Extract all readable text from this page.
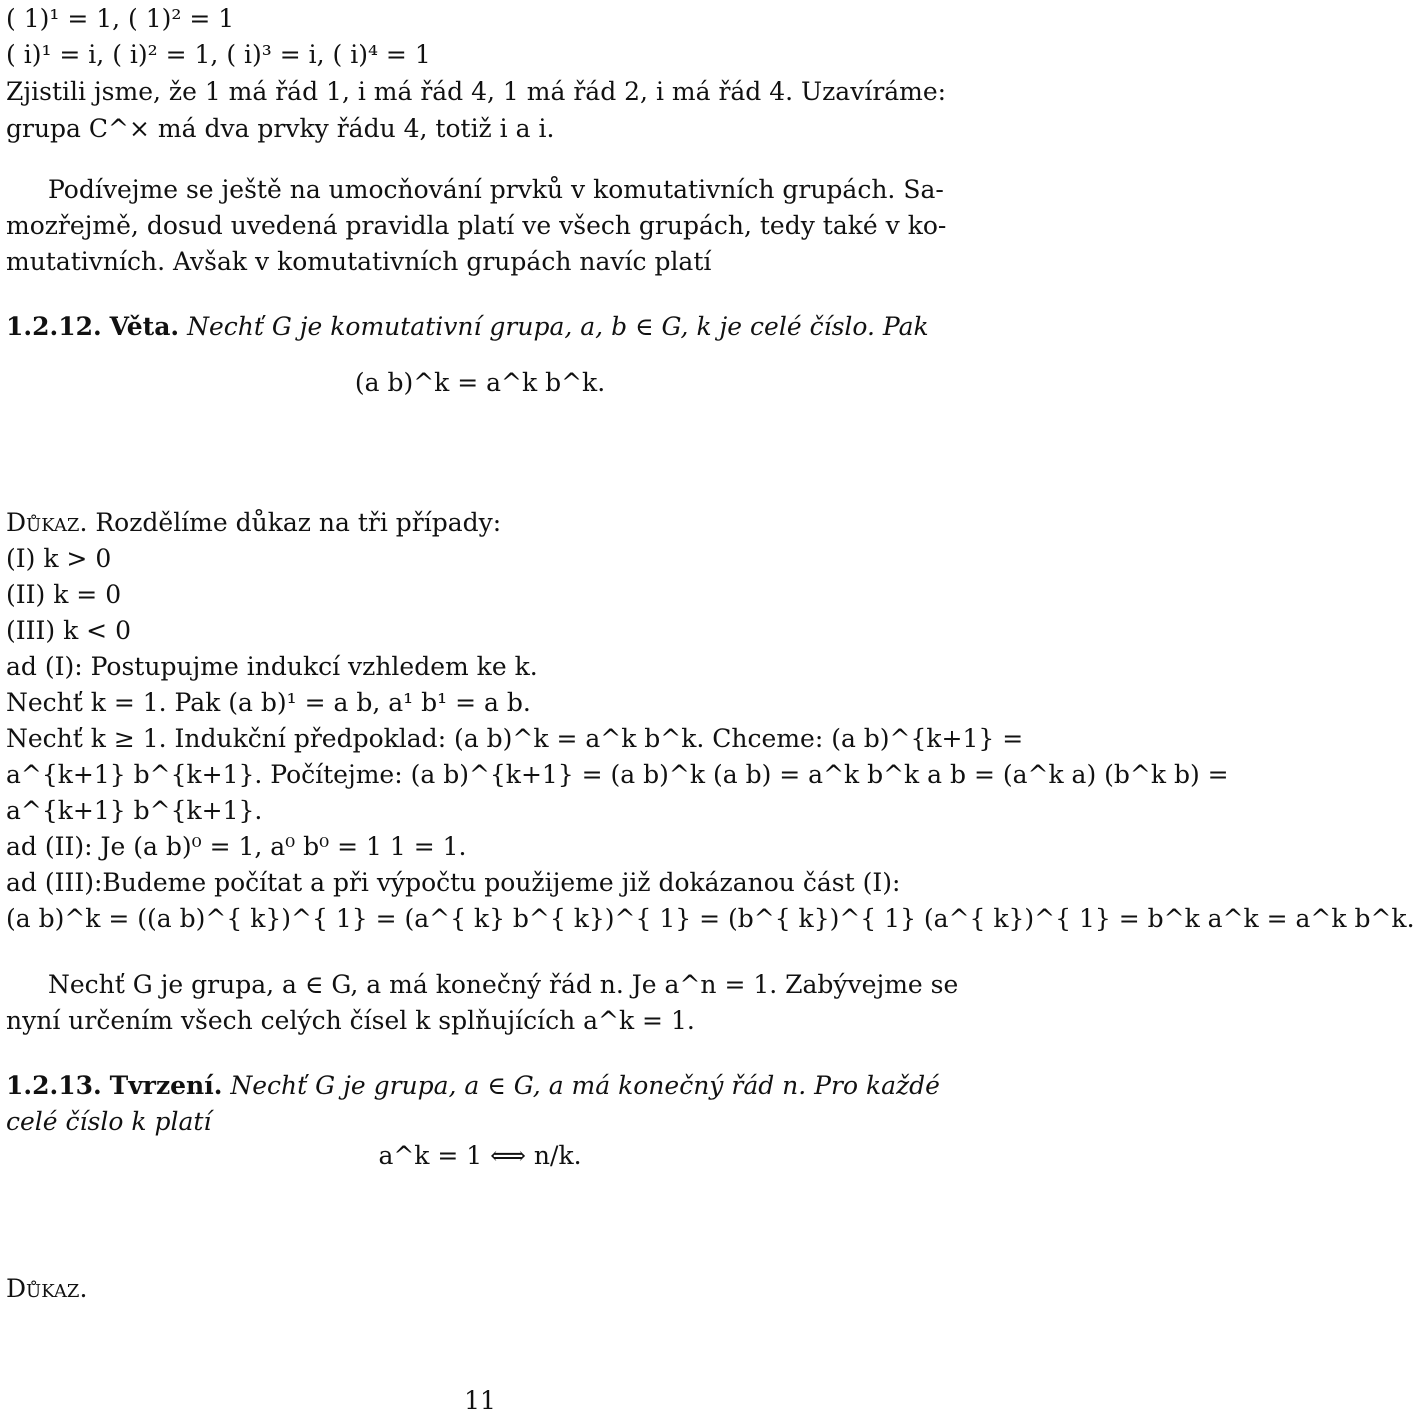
( 1)¹ = 1, ( 1)² = 1
( i)¹ = i, ( i)² = 1, ( i)³ = i, ( i)⁴ = 1
Zjistili jsme, že 1 má řád 1, i má řád 4, 1 má řád 2, i má řád 4. Uzavíráme:
grupa C^× má dva prvky řádu 4, totiž i a i.
Podívejme se ještě na umocňování prvků v komutativních grupách. Sa-
mozřejmě, dosud uvedená pravidla platí ve všech grupách, tedy také v ko-
mutativních. Avšak v komutativních grupách navíc platí
1.2.12. Věta. Nechť G je komutativní grupa, a, b ∈ G, k je celé číslo. Pak
(a b)^k = a^k b^k.
Důkaz. Rozdělíme důkaz na tři případy:
(I) k > 0
(II) k = 0
(III) k < 0
ad (I): Postupujme indukcí vzhledem ke k.
Nechť k = 1. Pak (a b)¹ = a b, a¹ b¹ = a b.
Nechť k ≥ 1. Indukční předpoklad: (a b)^k = a^k b^k. Chceme: (a b)^{k+1} =
a^{k+1} b^{k+1}. Počítejme: (a b)^{k+1} = (a b)^k (a b) = a^k b^k a b = (a^k a) (b^k b) =
a^{k+1} b^{k+1}.
ad (II): Je (a b)⁰ = 1, a⁰ b⁰ = 1 1 = 1.
ad (III):Budeme počítat a při výpočtu použijeme již dokázanou část (I):
(a b)^k = ((a b)^{ k})^{ 1} = (a^{ k} b^{ k})^{ 1} = (b^{ k})^{ 1} (a^{ k})^{ 1} = b^k a^k = a^k b^k.
Nechť G je grupa, a ∈ G, a má konečný řád n. Je a^n = 1. Zabývejme se
nyní určením všech celých čísel k splňujících a^k = 1.
1.2.13. Tvrzení. Nechť G je grupa, a ∈ G, a má konečný řád n. Pro každé
celé číslo k platí
a^k = 1 ⟺ n/k.
Důkaz.
11
